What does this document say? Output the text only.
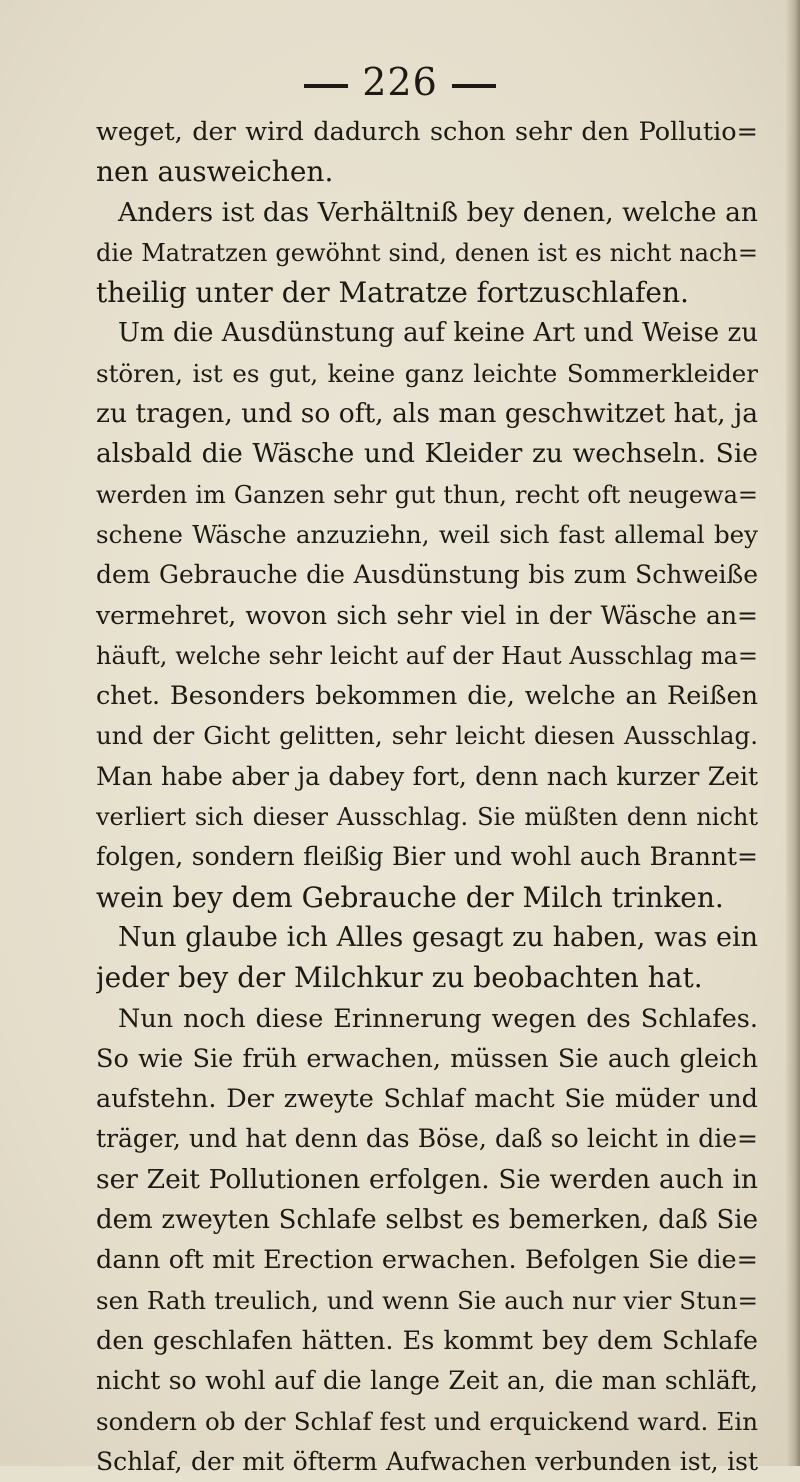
226
weget, der wird dadurch schon sehr den Pollutio=
nen ausweichen.
Anders ist das Verhältniß bey denen, welche an
die Matratzen gewöhnt sind, denen ist es nicht nach=
theilig unter der Matratze fortzuschlafen.
Um die Ausdünstung auf keine Art und Weise zu
stören, ist es gut, keine ganz leichte Sommerkleider
zu tragen, und so oft, als man geschwitzet hat, ja
alsbald die Wäsche und Kleider zu wechseln. Sie
werden im Ganzen sehr gut thun, recht oft neugewa=
schene Wäsche anzuziehn, weil sich fast allemal bey
dem Gebrauche die Ausdünstung bis zum Schweiße
vermehret, wovon sich sehr viel in der Wäsche an=
häuft, welche sehr leicht auf der Haut Ausschlag ma=
chet. Besonders bekommen die, welche an Reißen
und der Gicht gelitten, sehr leicht diesen Ausschlag.
Man habe aber ja dabey fort, denn nach kurzer Zeit
verliert sich dieser Ausschlag. Sie müßten denn nicht
folgen, sondern fleißig Bier und wohl auch Brannt=
wein bey dem Gebrauche der Milch trinken.
Nun glaube ich Alles gesagt zu haben, was ein
jeder bey der Milchkur zu beobachten hat.
Nun noch diese Erinnerung wegen des Schlafes.
So wie Sie früh erwachen, müssen Sie auch gleich
aufstehn. Der zweyte Schlaf macht Sie müder und
träger, und hat denn das Böse, daß so leicht in die=
ser Zeit Pollutionen erfolgen. Sie werden auch in
dem zweyten Schlafe selbst es bemerken, daß Sie
dann oft mit Erection erwachen. Befolgen Sie die=
sen Rath treulich, und wenn Sie auch nur vier Stun=
den geschlafen hätten. Es kommt bey dem Schlafe
nicht so wohl auf die lange Zeit an, die man schläft,
sondern ob der Schlaf fest und erquickend ward. Ein
Schlaf, der mit öfterm Aufwachen verbunden ist, ist
